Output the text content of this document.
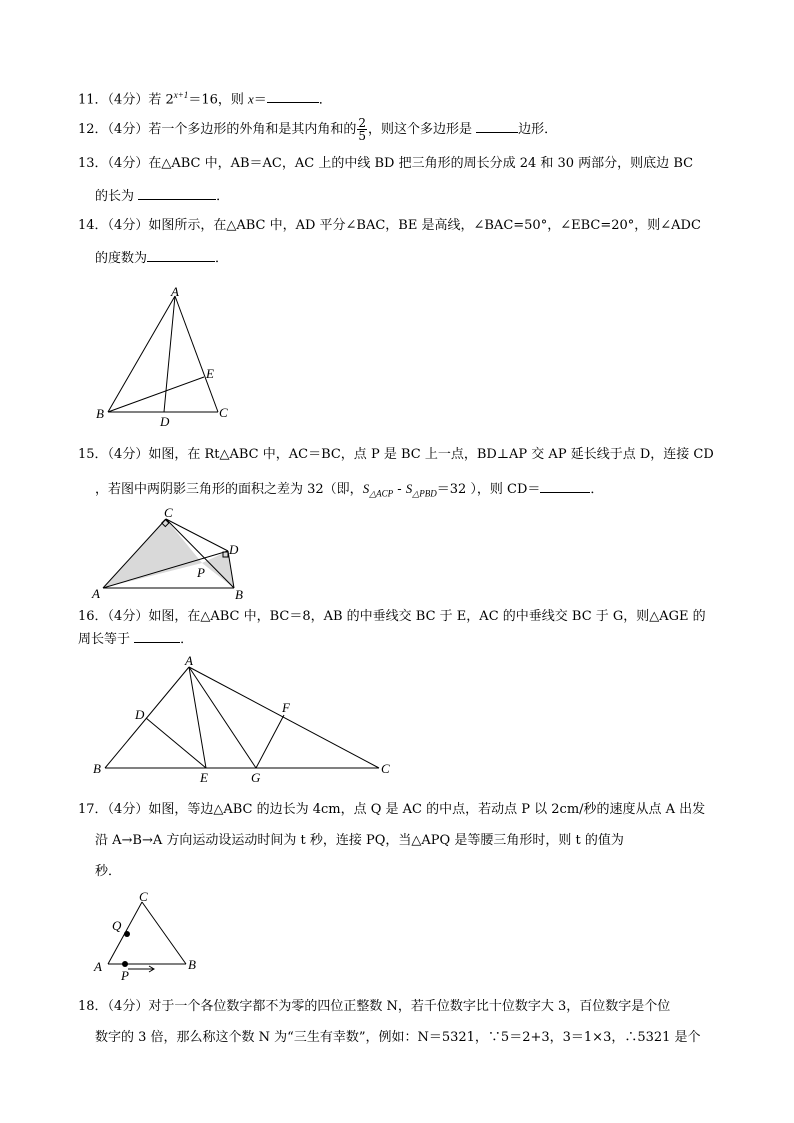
11．（4分）若 $2^{x+1}=16$，则 x＝	．
12．（4分）若一个多边形的外角和是其内角和的 $\frac{2}{5}$ ，则这个多边形是	边形．
13．（4分）在△ABC 中，AB＝AC，AC 上的中线 BD 把三角形的周长分成 24 和 30 两部分，则底边 BC
的长为	．
14．（4分）如图所示，在△ABC 中，AD 平分∠BAC，BE 是高线，∠BAC=50°，∠EBC=20°，则∠ADC
的度数为	．
A
B	C
D
E
15．（4分）如图，在 Rt△ABC 中，AC＝BC，点 P 是 BC 上一点，BD⊥AP 交 AP 延长线于点 D，连接 CD
，若图中两阴影三角形的面积之差为 32（即，$S_{\triangle ACP} - S_{\triangle PBD}=32$ ），则 CD＝	．
C
D
P
A	B
16．（4分）如图，在△ABC 中，BC＝8，AB 的中垂线交 BC 于 E，AC 的中垂线交 BC 于 G，则△AGE 的
周长等于	．
A
D	F
B
E	G
C
17．（4分）如图，等边△ABC 的边长为 4cm，点 Q 是 AC 的中点，若动点 P 以 2cm/秒的速度从点 A 出发
沿 A→B→A 方向运动设运动时间为 t 秒，连接 PQ，当△APQ 是等腰三角形时，则 t 的值为
秒．
C
Q
A	B
P
18．（4分）对于一个各位数字都不为零的四位正整数 N，若千位数字比十位数字大 3，百位数字是个位
数字的 3 倍，那么称这个数 N 为“三生有幸数”，例如：N＝5321，∵5＝2+3，3＝1×3，∴5321 是个
